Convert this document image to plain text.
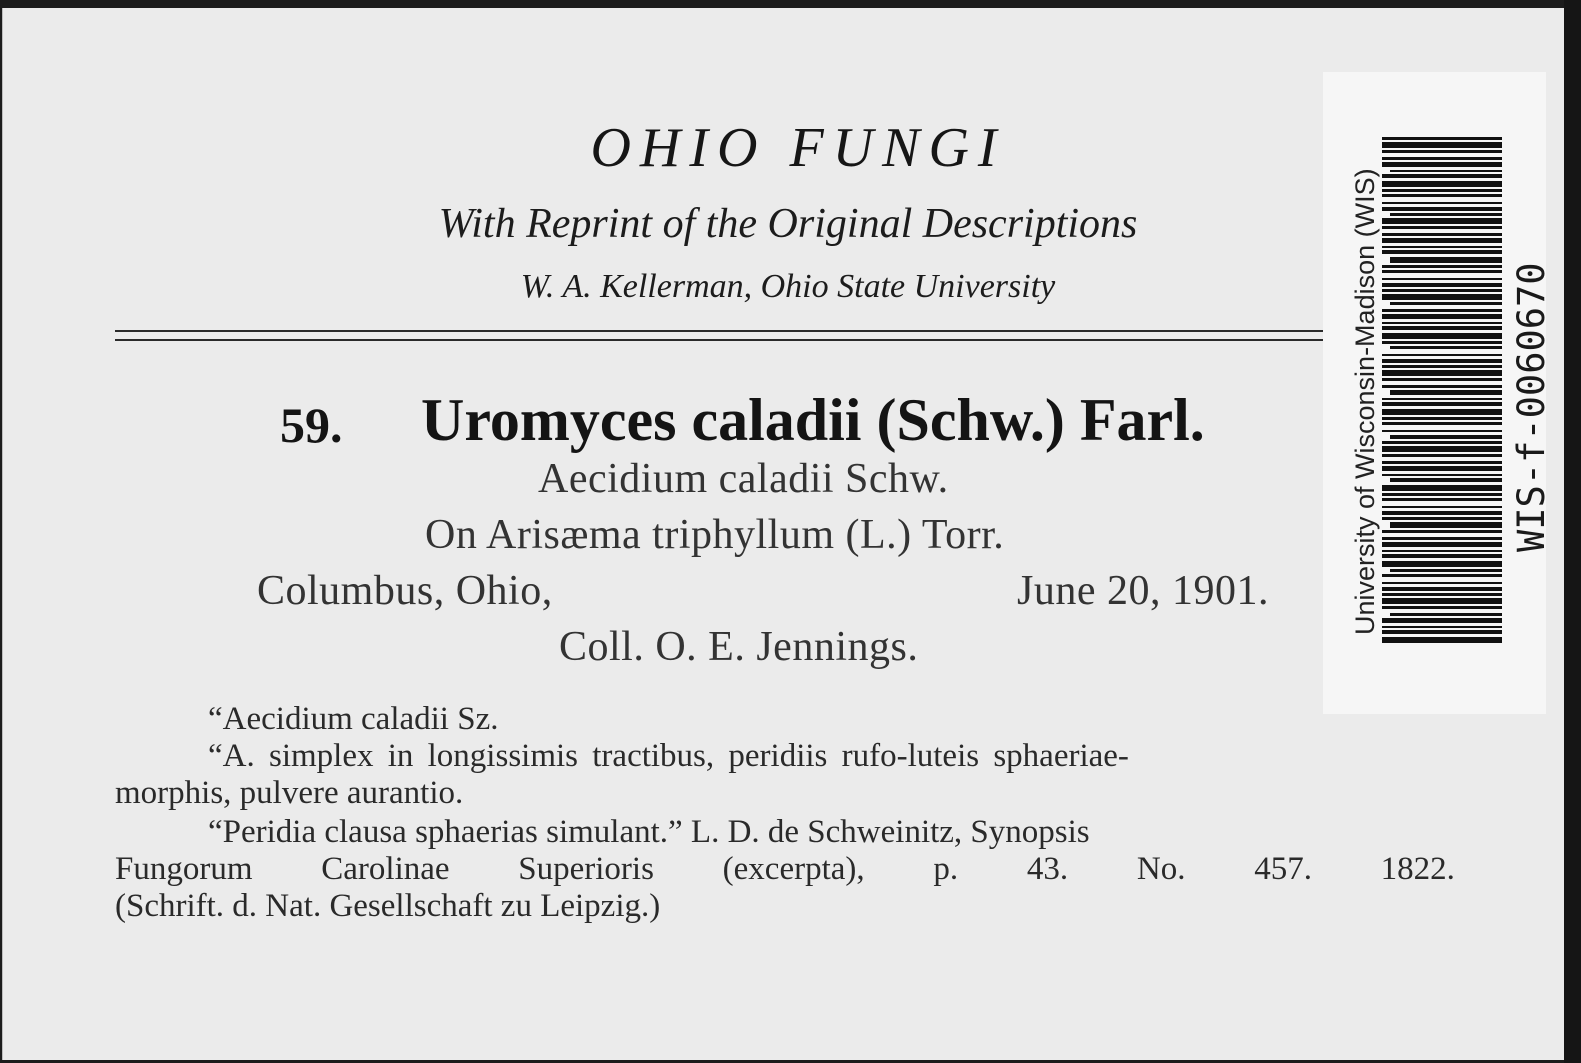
OHIO FUNGI
With Reprint of the Original Descriptions
W. A. Kellerman, Ohio State University
59. Uromyces caladii (Schw.) Farl.
Aecidium caladii Schw.
On Arisæma triphyllum (L.) Torr.
Columbus, Ohio,	June 20, 1901.
Coll. O. E. Jennings.
“Aecidium caladii Sz.
“A. simplex in longissimis tractibus, peridiis rufo-luteis sphaeriae-
morphis, pulvere aurantio.
“Peridia clausa sphaerias simulant.” L. D. de Schweinitz, Synopsis
Fungorum Carolinae Superioris (excerpta), p. 43. No. 457. 1822.
(Schrift. d. Nat. Gesellschaft zu Leipzig.)
University of Wisconsin-Madison (WIS)	WIS-f-0060670
